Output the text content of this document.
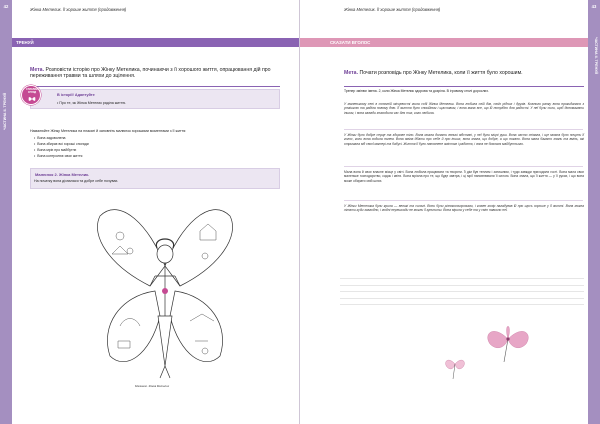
42
ЧАСТИНА II. ТРЕНУЙ
Жінка Метелик. Її хороше життя (продовження)
ТРЕНУЙ
Мета. Розповісти історію про Жінку Метелика, починаючи з її хорошого життя, опрацювання дій про переживання травми та шляхи до зцілення.
В історії! Адаптуйте
• Про те, як Жінка Метелик раділа життю.
СТИСЛИЙ ОГЛЯД
Намалюйте Жінку Метелика на плакаті й заповніть малюнок хорошими моментами з її життя:
• Вона задоволена
• Вона збирає всі хороші спогади
• Вона мріє про майбутнє
• Вона контролює своє життя
Малюнок 2. Жінка Метелик.
На початку вона дізналася та добре себе почуває.
Малюнок. Жінка Метелик
43
ЧАСТИНА II. ТРЕНУЙ
Жінка Метелик. Її хороше життя (продовження)
СКАЗАТИ ВГОЛОС
Мета. Почати розповідь про Жінку Метелика, коли її життя було хорошим.
Тренер змінює імена. 2, коли Жінка Метелик здорова та дозріла. В ігровому стилі дорослих.
У маленькому селі в сонячній місцевості жила собі Жінка Метелик. Вона любила свій дім, своїх рідних і друзів. Кожного ранку вона прокидалася з усмішкою та раділа новому дню. Її життя було спокійним і щасливим, і вона мала все, що їй потрібно для радості. У неї були сили, щоб допомагати іншим, і вона завжди знаходила час для тих, кого любила.
У Жінки було добре серце та здорове тіло. Вона могла долати великі відстані, у неї були міцні руки. Вона часто співала, і ще можна було почути її голос, коли вона ходила полем. Вона вміла дбати про себе й про інших, вона знала, що добре, а що погано. Вона мала багато знань та вмінь, які отримала від своєї матері та бабусі. Життя її було наповнене змістом і радістю, і вона не боялася майбутнього.
Мала вона й своє власне місце у світі. Вона любила працювати та творити. Її дім був теплим і затишним, і туди завжди приходили гості. Вона мала своє маленьке господарство, садок і квіти. Вона мріяла про те, що буде завтра, і ці мрії наповнювали її силою. Вона знала, що її життя — у її руках, і що вона може обирати свій шлях.
У Жінки Метелика були крила — великі та сильні. Вони були різнокольоровими, і кожен колір нагадував їй про щось хороше у її житті. Вона могла літати куди завгодно, і жодні перешкоди не могли її зупинити. Вона вірила у себе та у світ навколо неї.
